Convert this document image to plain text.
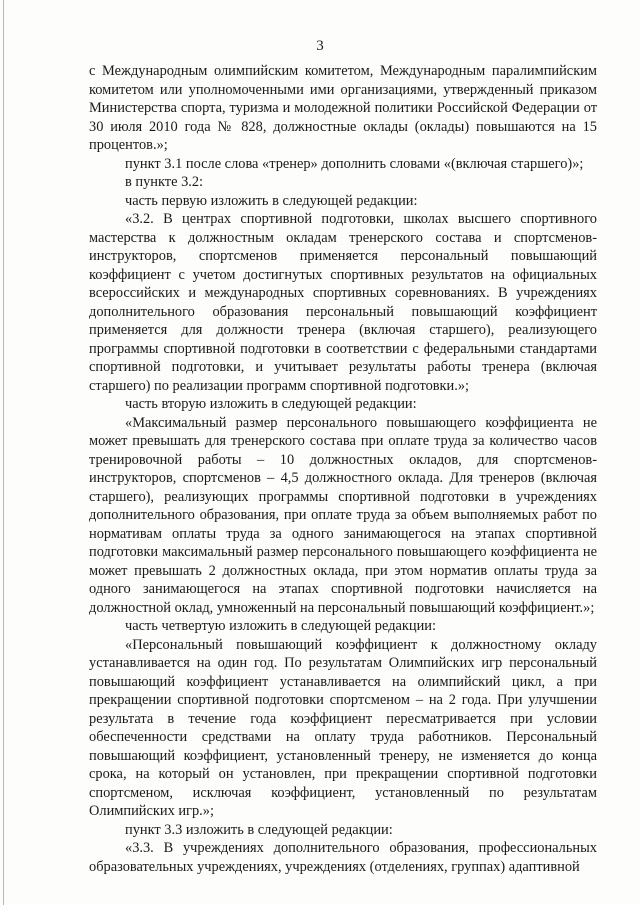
3

с Международным олимпийским комитетом, Международным паралимпийским комитетом или уполномоченными ими организациями, утвержденный приказом Министерства спорта, туризма и молодежной политики Российской Федерации от 30 июля 2010 года № 828, должностные оклады (оклады) повышаются на 15 процентов.»;

пункт 3.1 после слова «тренер» дополнить словами «(включая старшего)»;

в пункте 3.2:

часть первую изложить в следующей редакции:

«3.2. В центрах спортивной подготовки, школах высшего спортивного мастерства к должностным окладам тренерского состава и спортсменов-инструкторов, спортсменов применяется персональный повышающий коэффициент с учетом достигнутых спортивных результатов на официальных всероссийских и международных спортивных соревнованиях. В учреждениях дополнительного образования персональный повышающий коэффициент применяется для должности тренера (включая старшего), реализующего программы спортивной подготовки в соответствии с федеральными стандартами спортивной подготовки, и учитывает результаты работы тренера (включая старшего) по реализации программ спортивной подготовки.»;

часть вторую изложить в следующей редакции:

«Максимальный размер персонального повышающего коэффициента не может превышать для тренерского состава при оплате труда за количество часов тренировочной работы – 10 должностных окладов, для спортсменов-инструкторов, спортсменов – 4,5 должностного оклада. Для тренеров (включая старшего), реализующих программы спортивной подготовки в учреждениях дополнительного образования, при оплате труда за объем выполняемых работ по нормативам оплаты труда за одного занимающегося на этапах спортивной подготовки максимальный размер персонального повышающего коэффициента не может превышать 2 должностных оклада, при этом норматив оплаты труда за одного занимающегося на этапах спортивной подготовки начисляется на должностной оклад, умноженный на персональный повышающий коэффициент.»;

часть четвертую изложить в следующей редакции:

«Персональный повышающий коэффициент к должностному окладу устанавливается на один год. По результатам Олимпийских игр персональный повышающий коэффициент устанавливается на олимпийский цикл, а при прекращении спортивной подготовки спортсменом – на 2 года. При улучшении результата в течение года коэффициент пересматривается при условии обеспеченности средствами на оплату труда работников. Персональный повышающий коэффициент, установленный тренеру, не изменяется до конца срока, на который он установлен, при прекращении спортивной подготовки спортсменом, исключая коэффициент, установленный по результатам Олимпийских игр.»;

пункт 3.3 изложить в следующей редакции:

«3.3. В учреждениях дополнительного образования, профессиональных образовательных учреждениях, учреждениях (отделениях, группах) адаптивной
